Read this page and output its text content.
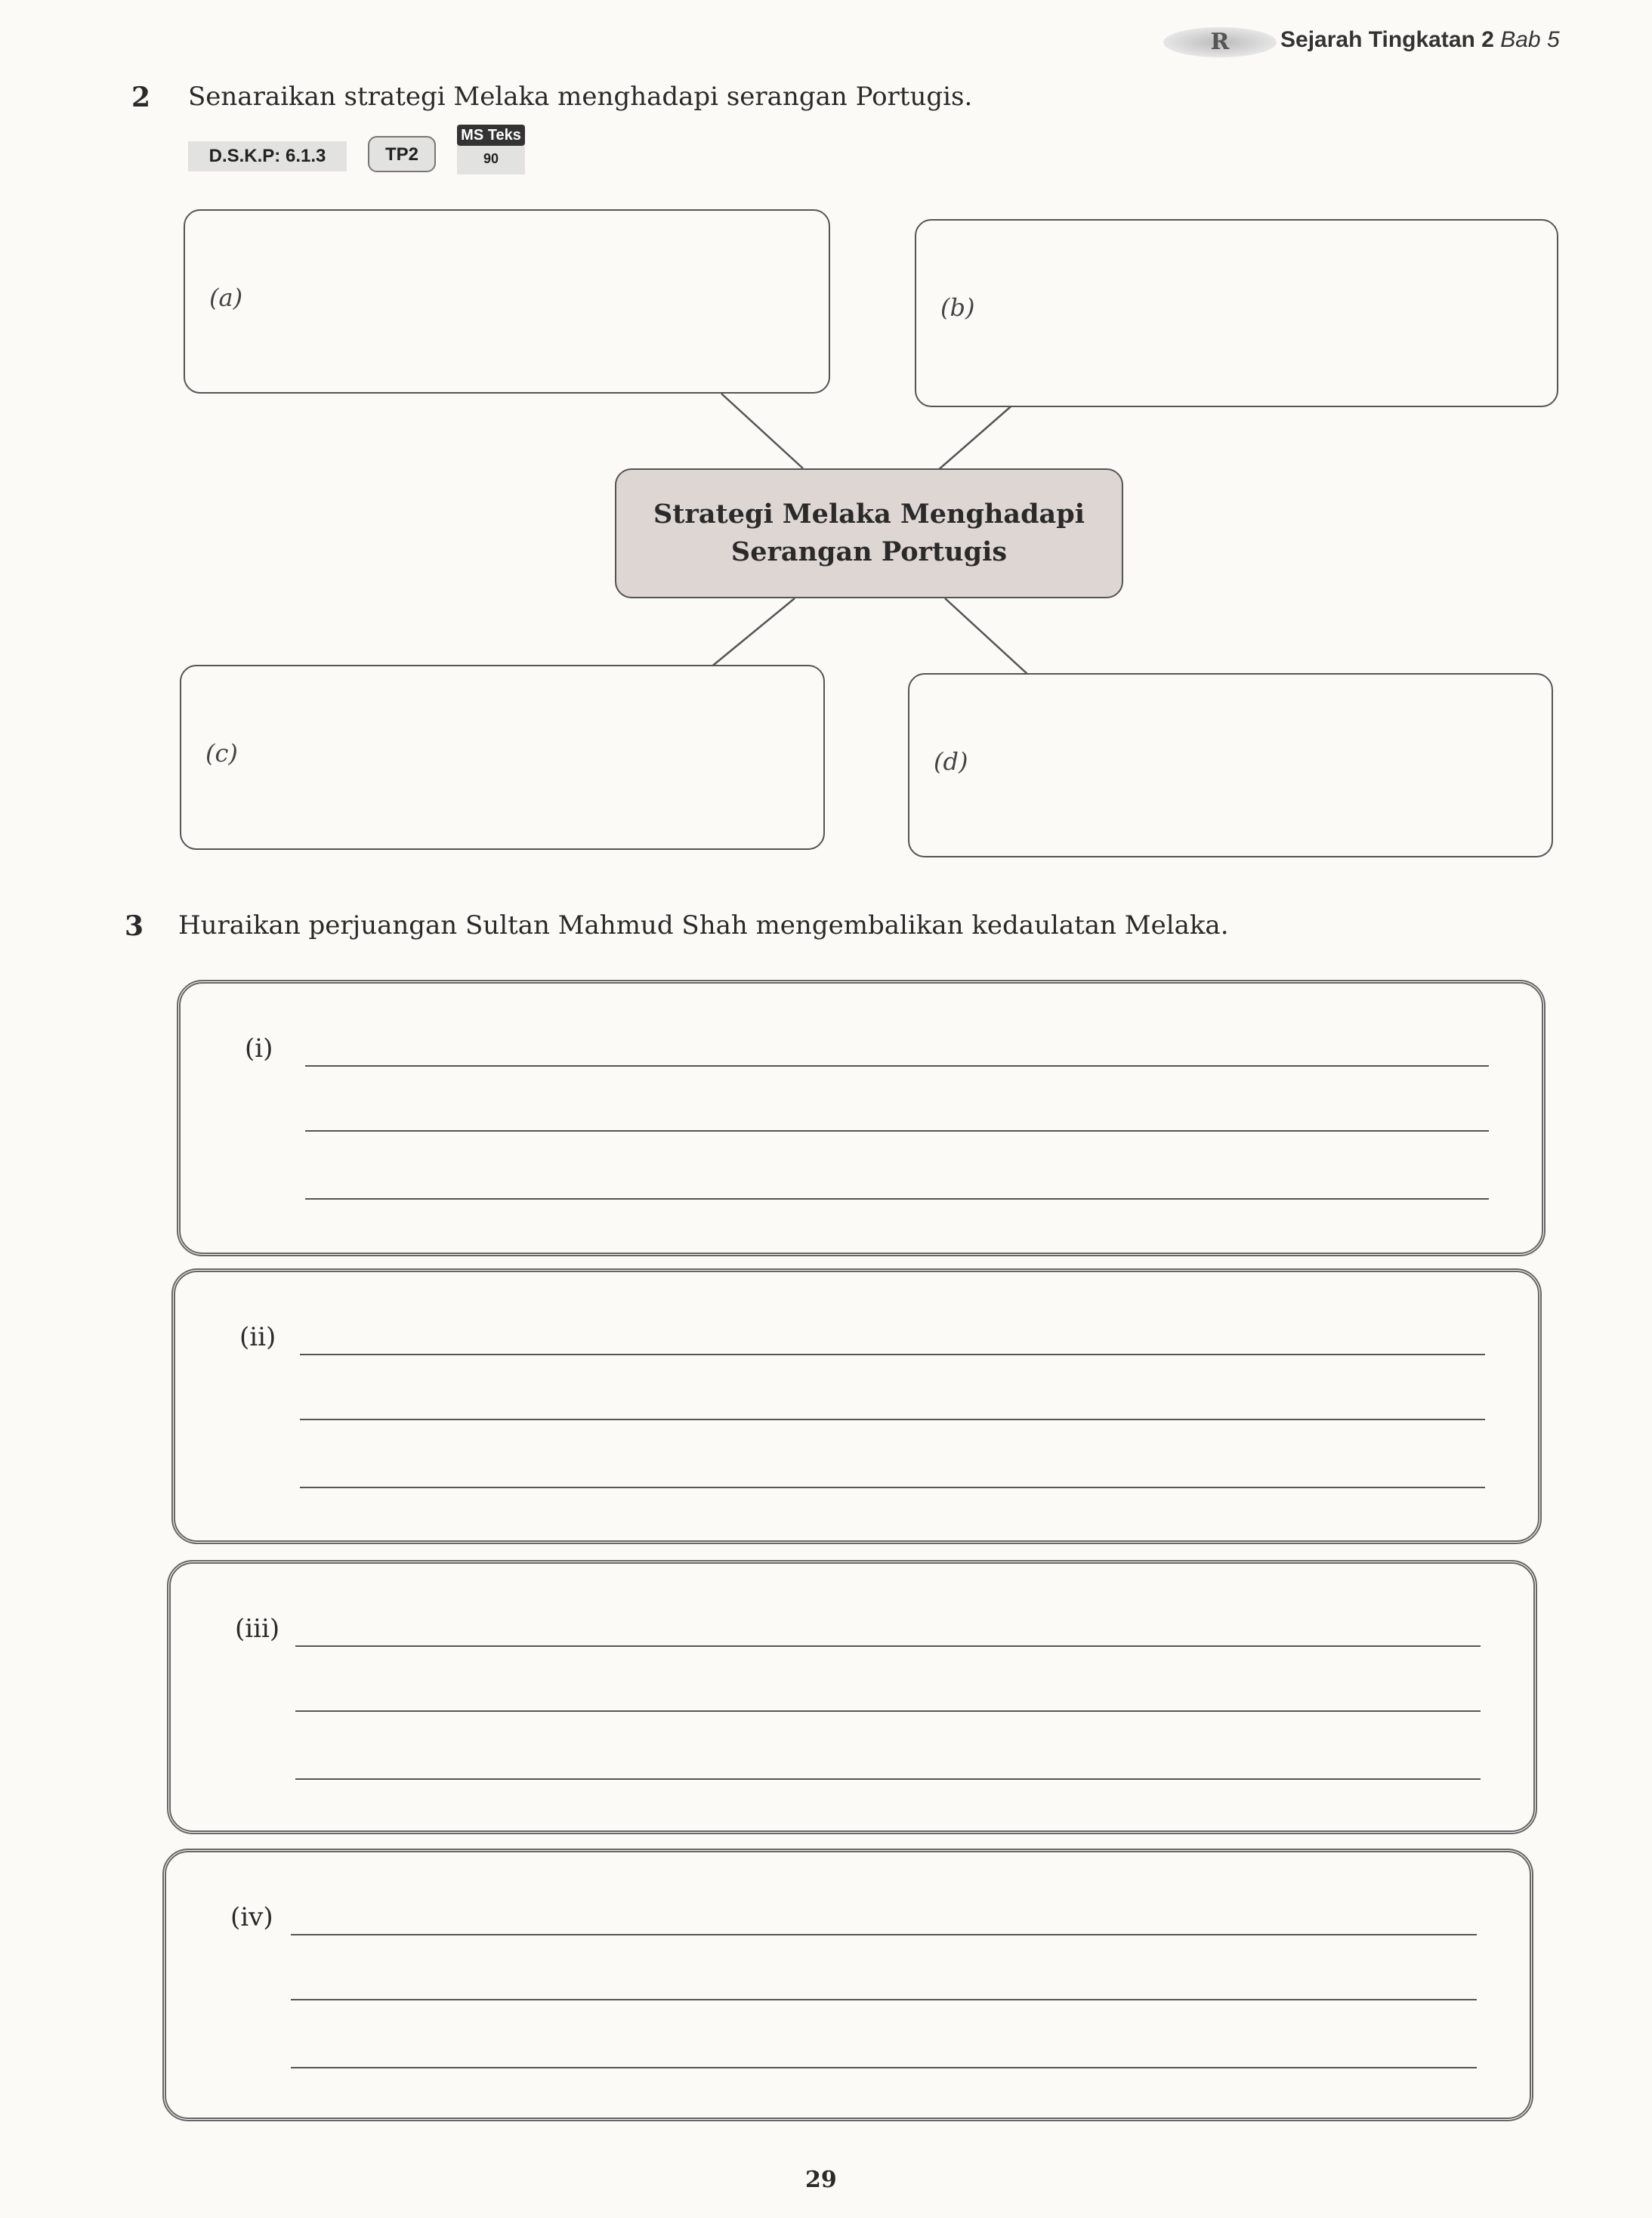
R	Sejarah Tingkatan 2 Bab 5
2 Senaraikan strategi Melaka menghadapi serangan Portugis.
D.S.K.P: 6.1.3	TP2
MS Teks
90
(a)	(b)
(c)	(d)
Strategi Melaka Menghadapi
Serangan Portugis
3 Huraikan perjuangan Sultan Mahmud Shah mengembalikan kedaulatan Melaka.
(i)
(ii)
(iii)
(iv)
29
